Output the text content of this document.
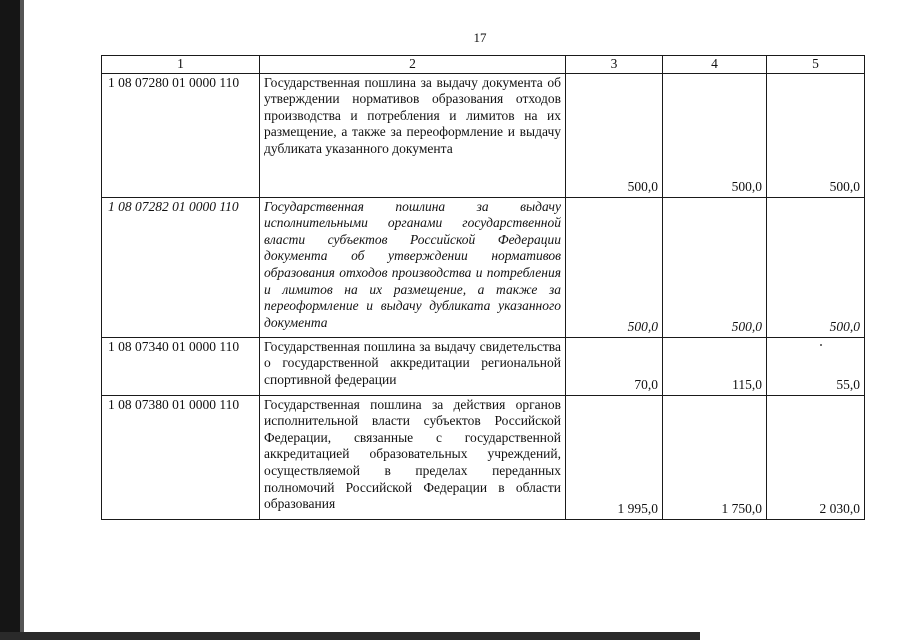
17
1	2	3	4	5
1 08 07280 01 0000 110	Государственная пошлина за выдачу документа об утверждении нормативов образования отходов производства и потребления и лимитов на их размещение, а также за переоформление и выдачу дубликата указанного документа	500,0	500,0	500,0
1 08 07282 01 0000 110	Государственная пошлина за выдачу исполнительными органами государственной власти субъектов Российской Федерации документа об утверждении нормативов образования отходов производства и потребления и лимитов на их размещение, а также за переоформление и выдачу дубликата указанного документа	500,0	500,0	500,0
1 08 07340 01 0000 110	Государственная пошлина за выдачу свидетельства о государственной аккредитации региональной спортивной федерации	70,0	115,0	55,0
1 08 07380 01 0000 110	Государственная пошлина за действия органов исполнительной власти субъектов Российской Федерации, связанные с государственной аккредитацией образовательных учреждений, осуществляемой в пределах переданных полномочий Российской Федерации в области образования	1 995,0	1 750,0	2 030,0
